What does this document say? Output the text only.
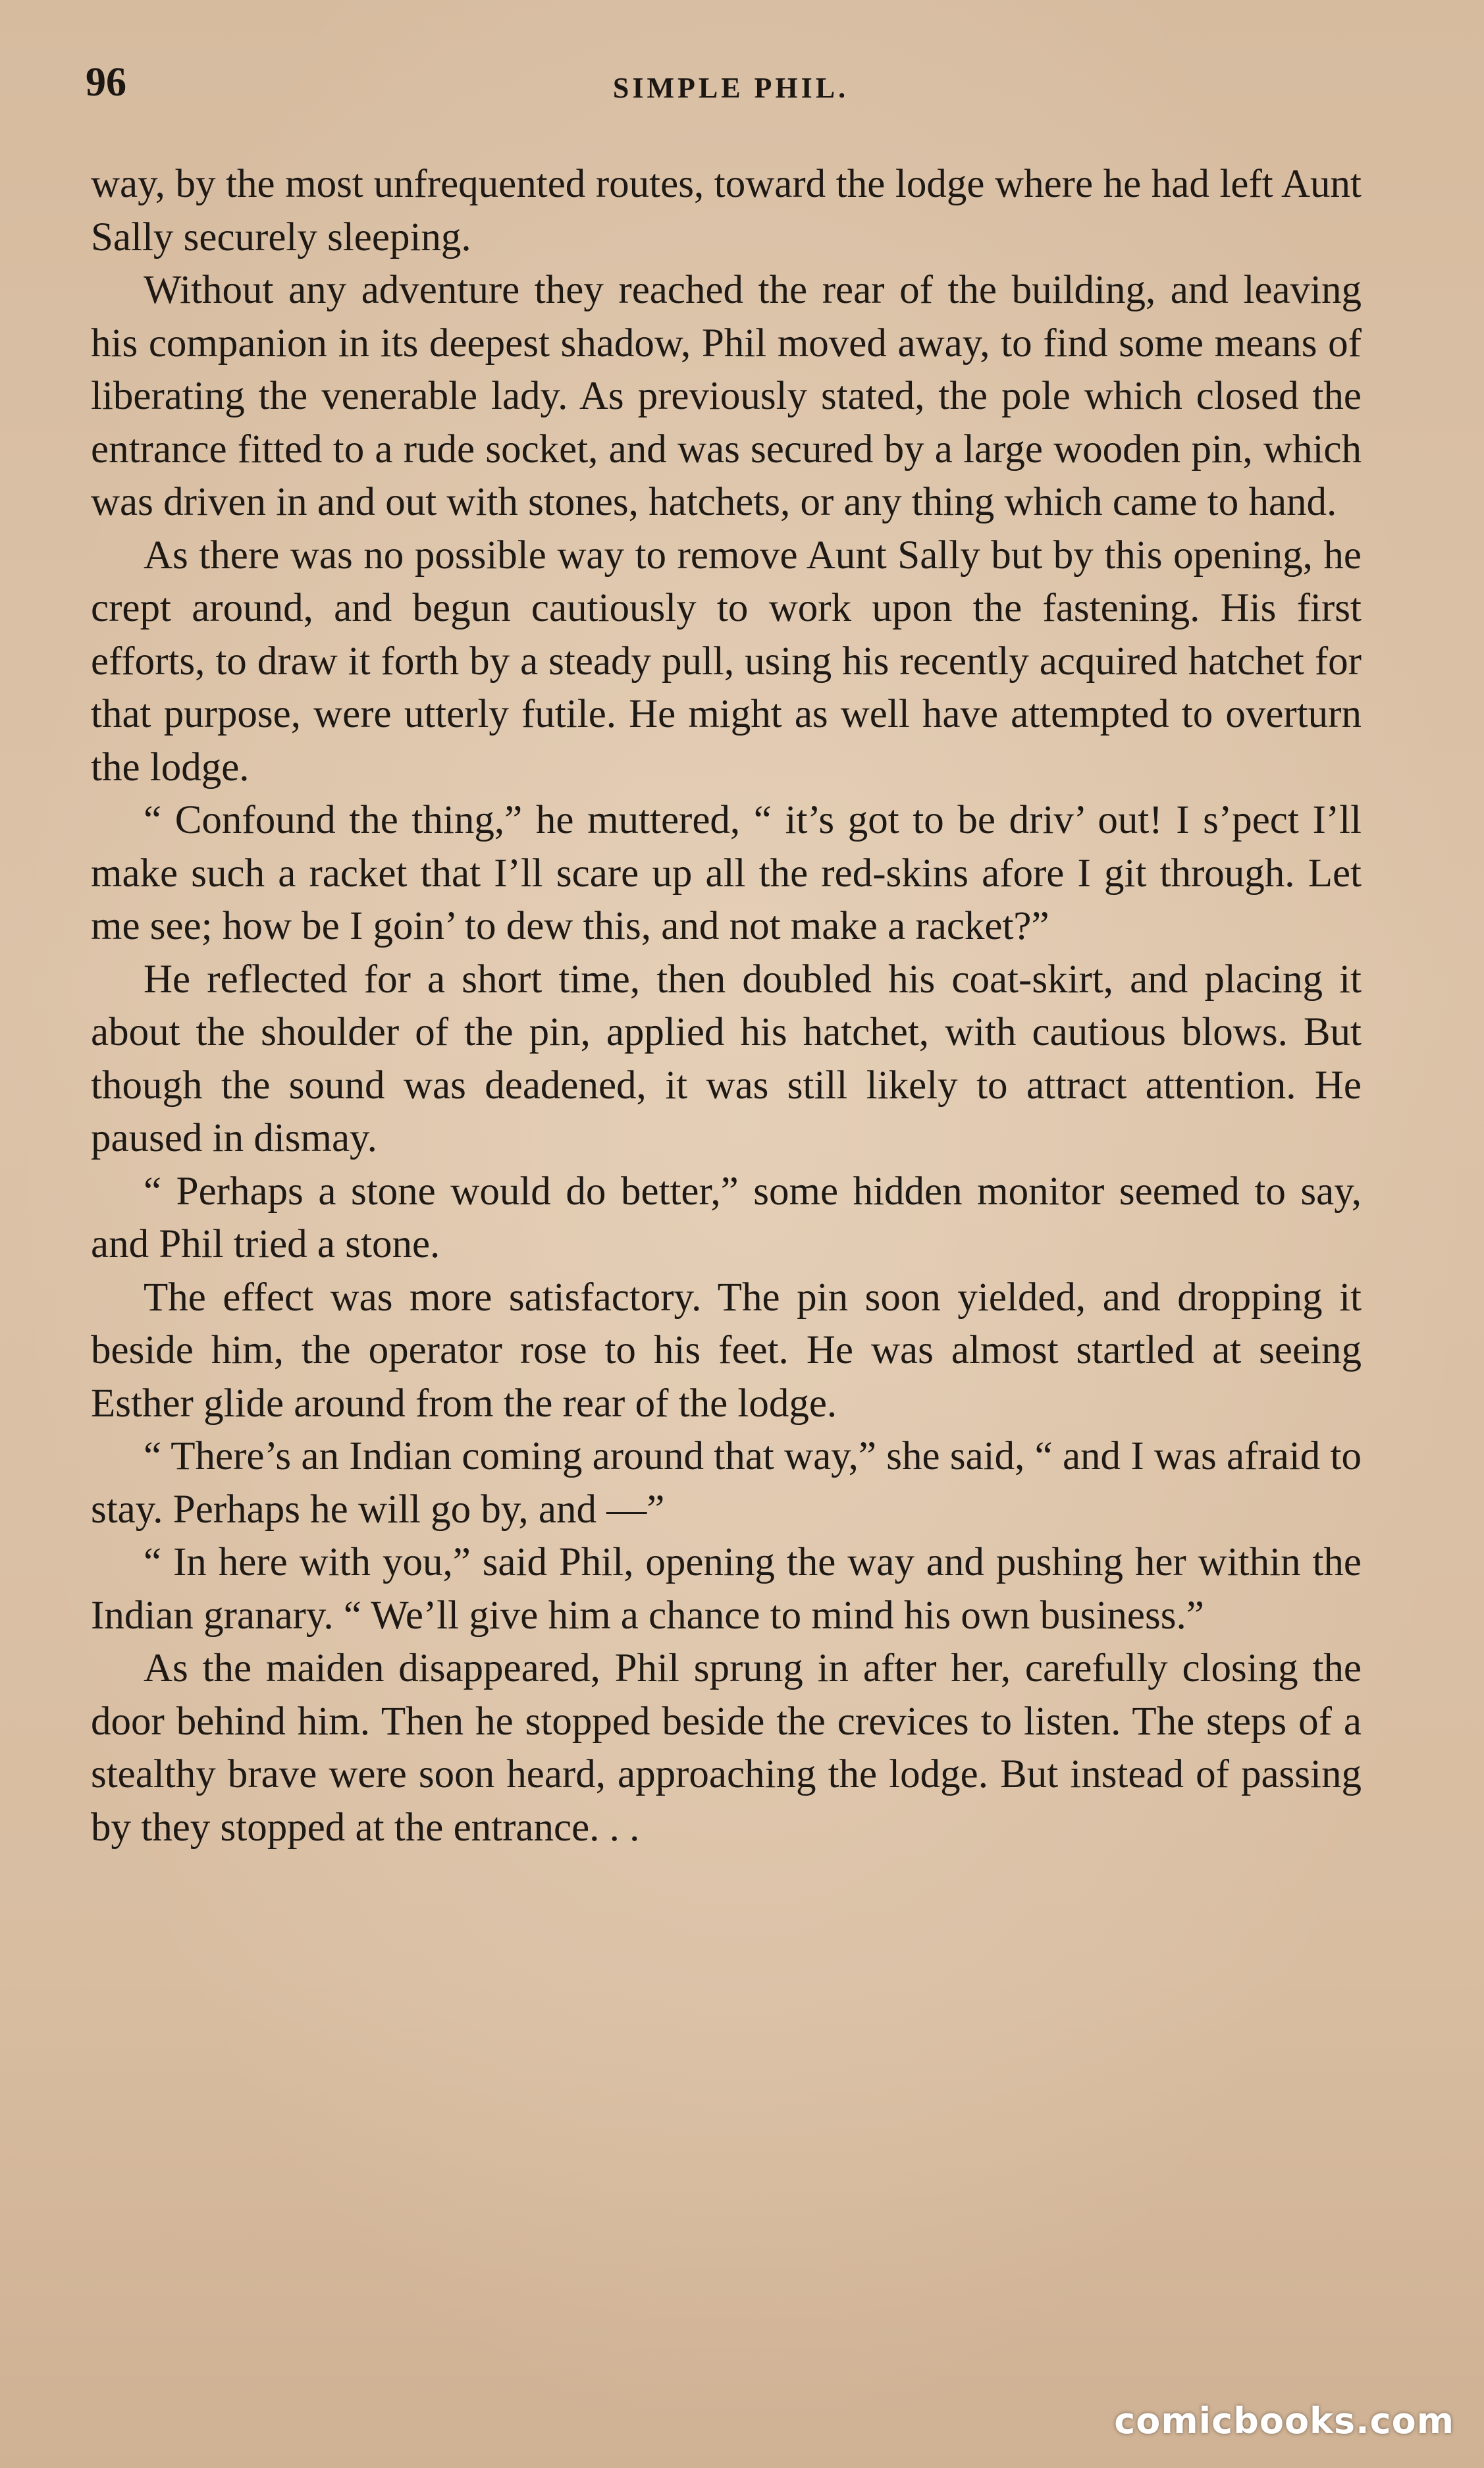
96	SIMPLE PHIL.

way, by the most unfrequented routes, toward the lodge where he had left Aunt Sally securely sleeping.

Without any adventure they reached the rear of the building, and leaving his companion in its deepest shadow, Phil moved away, to find some means of liberating the venerable lady. As previously stated, the pole which closed the entrance fitted to a rude socket, and was secured by a large wooden pin, which was driven in and out with stones, hatchets, or any thing which came to hand.

As there was no possible way to remove Aunt Sally but by this opening, he crept around, and begun cautiously to work upon the fastening. His first efforts, to draw it forth by a steady pull, using his recently acquired hatchet for that purpose, were utterly futile. He might as well have attempted to overturn the lodge.

“ Confound the thing,” he muttered, “ it’s got to be driv’ out! I s’pect I’ll make such a racket that I’ll scare up all the red-skins afore I git through. Let me see; how be I goin’ to dew this, and not make a racket?”

He reflected for a short time, then doubled his coat-skirt, and placing it about the shoulder of the pin, applied his hatchet, with cautious blows. But though the sound was deadened, it was still likely to attract attention. He paused in dismay.

“ Perhaps a stone would do better,” some hidden monitor seemed to say, and Phil tried a stone.

The effect was more satisfactory. The pin soon yielded, and dropping it beside him, the operator rose to his feet. He was almost startled at seeing Esther glide around from the rear of the lodge.

“ There’s an Indian coming around that way,” she said, “ and I was afraid to stay. Perhaps he will go by, and —”

“ In here with you,” said Phil, opening the way and pushing her within the Indian granary. “ We’ll give him a chance to mind his own business.”

As the maiden disappeared, Phil sprung in after her, carefully closing the door behind him. Then he stopped beside the crevices to listen. The steps of a stealthy brave were soon heard, approaching the lodge. But instead of passing by they stopped at the entrance. . .

comicbooks.com
